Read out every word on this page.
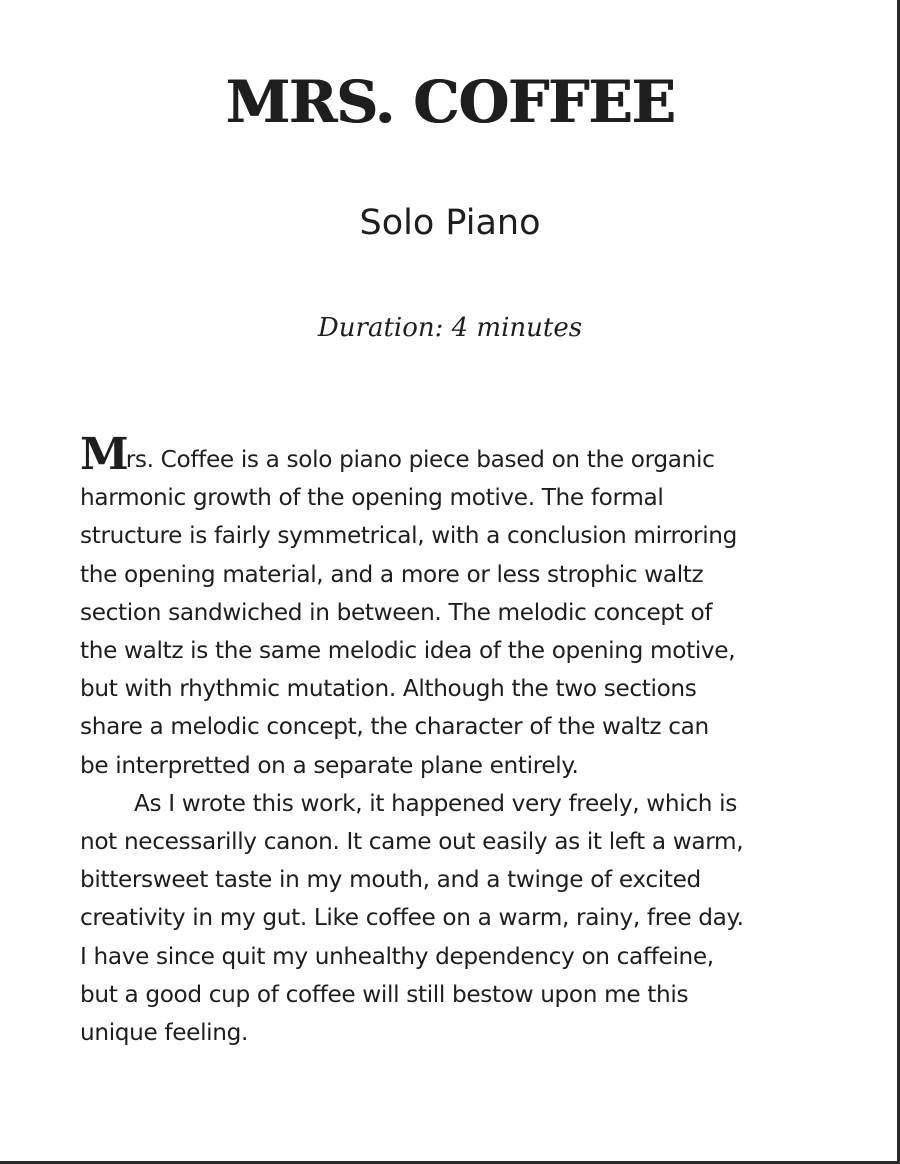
MRS. COFFEE
Solo Piano
Duration: 4 minutes

Mrs. Coffee is a solo piano piece based on the organic
harmonic growth of the opening motive. The formal
structure is fairly symmetrical, with a conclusion mirroring
the opening material, and a more or less strophic waltz
section sandwiched in between. The melodic concept of
the waltz is the same melodic idea of the opening motive,
but with rhythmic mutation. Although the two sections
share a melodic concept, the character of the waltz can
be interpretted on a separate plane entirely.

As I wrote this work, it happened very freely, which is
not necessarilly canon. It came out easily as it left a warm,
bittersweet taste in my mouth, and a twinge of excited
creativity in my gut. Like coffee on a warm, rainy, free day.
I have since quit my unhealthy dependency on caffeine,
but a good cup of coffee will still bestow upon me this
unique feeling.
